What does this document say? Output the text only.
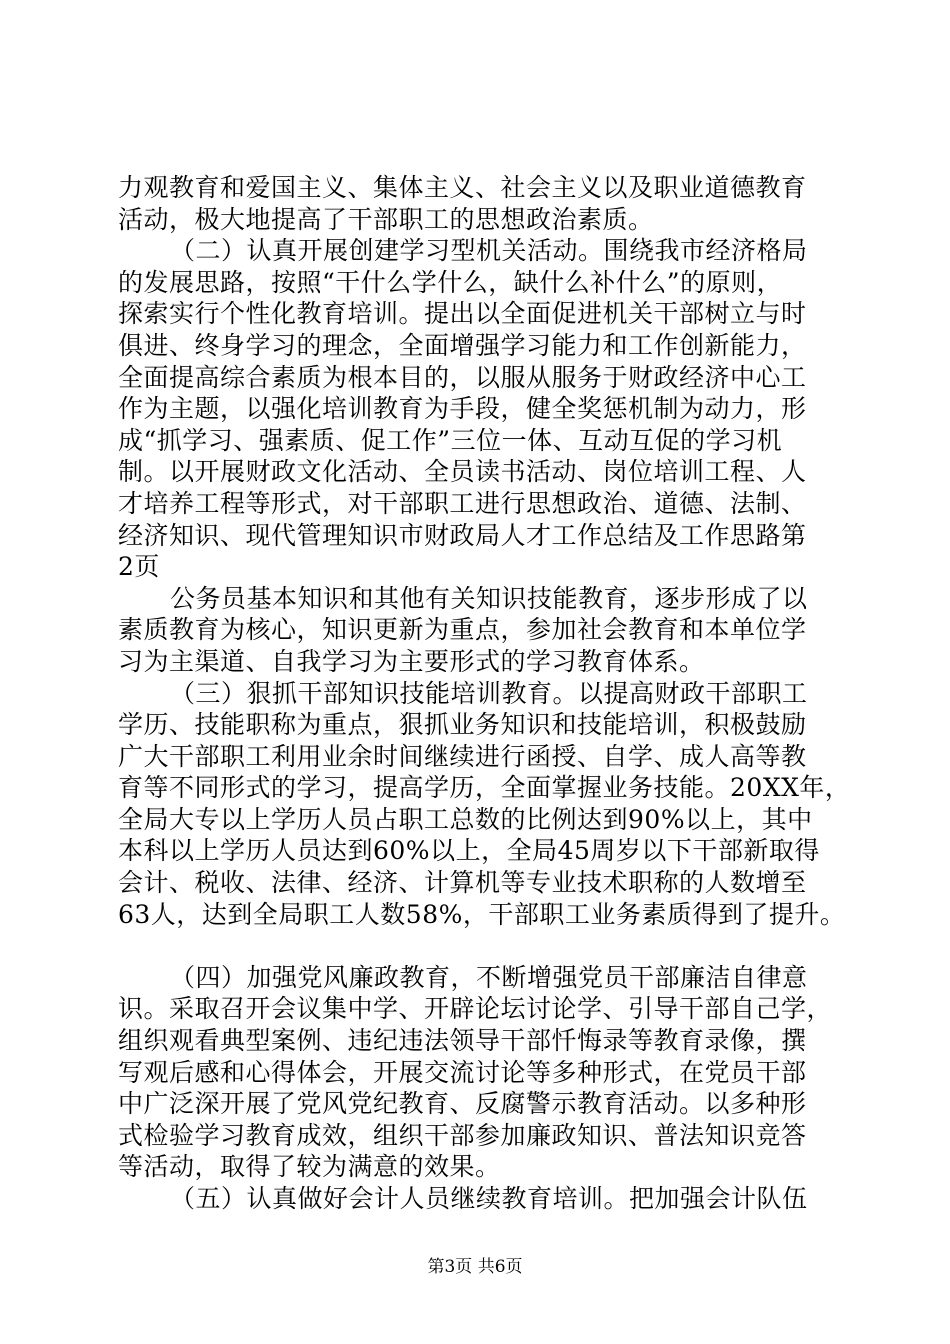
力观教育和爱国主义、集体主义、社会主义以及职业道德教育
活动，极大地提高了干部职工的思想政治素质。
（二）认真开展创建学习型机关活动。围绕我市经济格局
的发展思路，按照“干什么学什么，缺什么补什么”的原则，
探索实行个性化教育培训。提出以全面促进机关干部树立与时
俱进、终身学习的理念，全面增强学习能力和工作创新能力，
全面提高综合素质为根本目的，以服从服务于财政经济中心工
作为主题，以强化培训教育为手段，健全奖惩机制为动力，形
成“抓学习、强素质、促工作”三位一体、互动互促的学习机
制。以开展财政文化活动、全员读书活动、岗位培训工程、人
才培养工程等形式，对干部职工进行思想政治、道德、法制、
经济知识、现代管理知识市财政局人才工作总结及工作思路第
2页
公务员基本知识和其他有关知识技能教育，逐步形成了以
素质教育为核心，知识更新为重点，参加社会教育和本单位学
习为主渠道、自我学习为主要形式的学习教育体系。
（三）狠抓干部知识技能培训教育。以提高财政干部职工
学历、技能职称为重点，狠抓业务知识和技能培训，积极鼓励
广大干部职工利用业余时间继续进行函授、自学、成人高等教
育等不同形式的学习，提高学历，全面掌握业务技能。20XX年，
全局大专以上学历人员占职工总数的比例达到90%以上，其中
本科以上学历人员达到60%以上，全局45周岁以下干部新取得
会计、税收、法律、经济、计算机等专业技术职称的人数增至
63人，达到全局职工人数58%，干部职工业务素质得到了提升。
（四）加强党风廉政教育，不断增强党员干部廉洁自律意
识。采取召开会议集中学、开辟论坛讨论学、引导干部自己学，
组织观看典型案例、违纪违法领导干部忏悔录等教育录像，撰
写观后感和心得体会，开展交流讨论等多种形式，在党员干部
中广泛深开展了党风党纪教育、反腐警示教育活动。以多种形
式检验学习教育成效，组织干部参加廉政知识、普法知识竞答
等活动，取得了较为满意的效果。
（五）认真做好会计人员继续教育培训。把加强会计队伍
第3页 共6页
